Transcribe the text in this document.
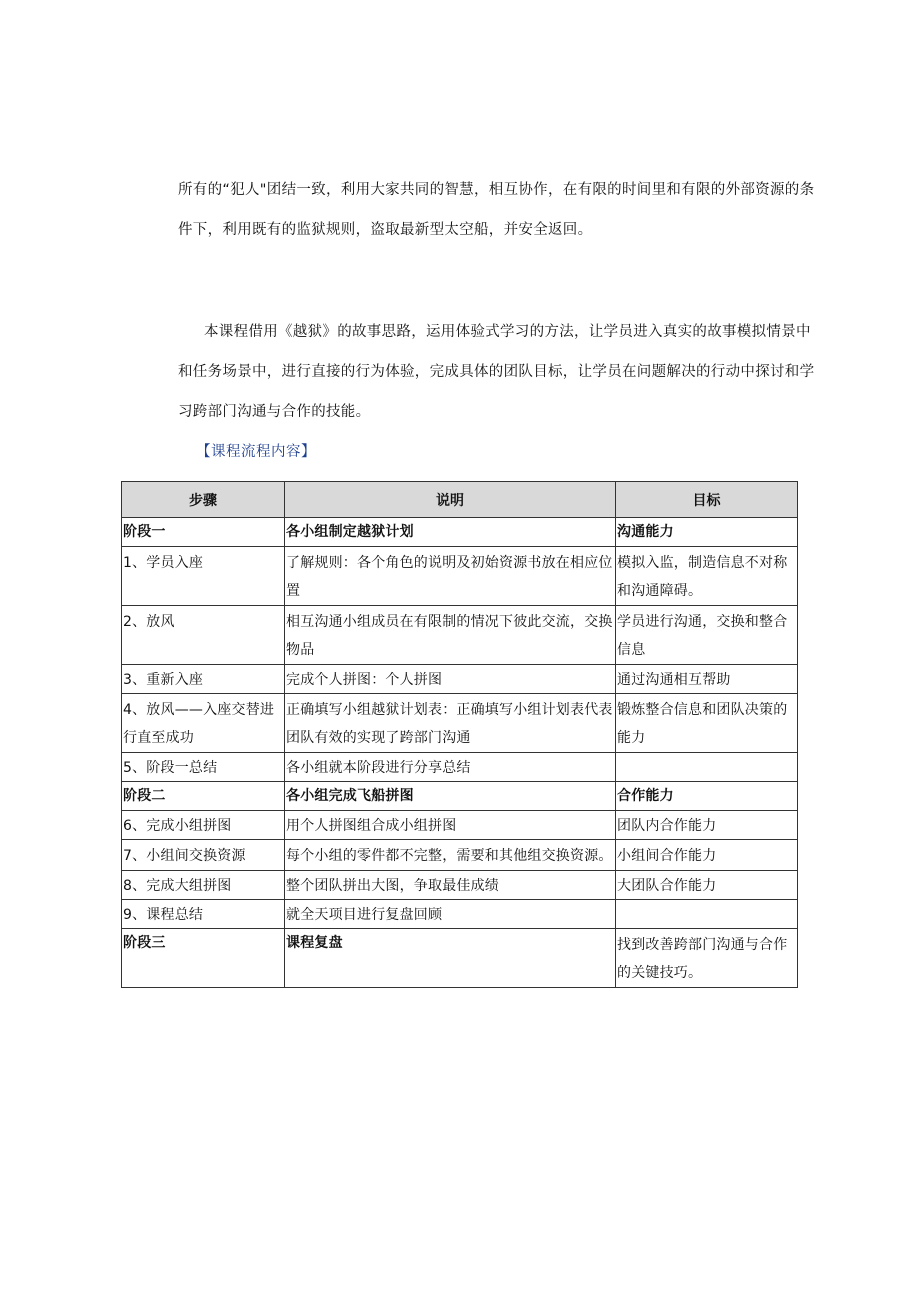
所有的“犯人"团结一致，利用大家共同的智慧，相互协作，在有限的时间里和有限的外部资源的条件下，利用既有的监狱规则，盗取最新型太空船，并安全返回。

本课程借用《越狱》的故事思路，运用体验式学习的方法，让学员进入真实的故事模拟情景中和任务场景中，进行直接的行为体验，完成具体的团队目标，让学员在问题解决的行动中探讨和学习跨部门沟通与合作的技能。

【课程流程内容】

步骤	说明	目标
阶段一	各小组制定越狱计划	沟通能力
1、学员入座	了解规则：各个角色的说明及初始资源书放在相应位置	模拟入监，制造信息不对称和沟通障碍。
2、放风	相互沟通小组成员在有限制的情况下彼此交流，交换物品	学员进行沟通，交换和整合信息
3、重新入座	完成个人拼图：个人拼图	通过沟通相互帮助
4、放风——入座交替进行直至成功	正确填写小组越狱计划表：正确填写小组计划表代表团队有效的实现了跨部门沟通	锻炼整合信息和团队决策的能力
5、阶段一总结	各小组就本阶段进行分享总结	
阶段二	各小组完成飞船拼图	合作能力
6、完成小组拼图	用个人拼图组合成小组拼图	团队内合作能力
7、小组间交换资源	每个小组的零件都不完整，需要和其他组交换资源。	小组间合作能力
8、完成大组拼图	整个团队拼出大图，争取最佳成绩	大团队合作能力
9、课程总结	就全天项目进行复盘回顾	
阶段三	课程复盘	找到改善跨部门沟通与合作的关键技巧。
